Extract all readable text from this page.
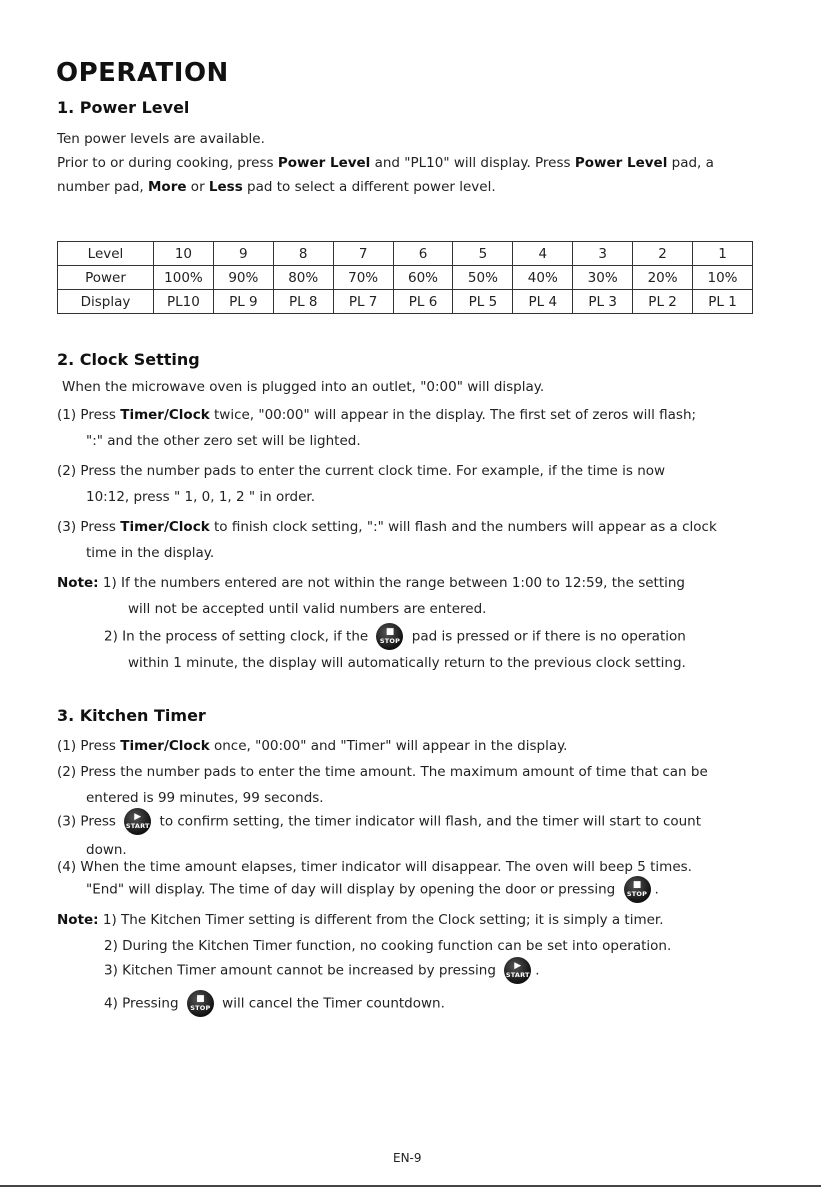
OPERATION
1. Power Level
Ten power levels are available.
Prior to or during cooking, press Power Level and "PL10" will display. Press Power Level pad, a
number pad, More or Less pad to select a different power level.
Level	10	9	8	7	6	5	4	3	2	1
Power	100%	90%	80%	70%	60%	50%	40%	30%	20%	10%
Display	PL10	PL 9	PL 8	PL 7	PL 6	PL 5	PL 4	PL 3	PL 2	PL 1
2. Clock Setting
When the microwave oven is plugged into an outlet, "0:00" will display.
(1) Press Timer/Clock twice, "00:00" will appear in the display. The first set of zeros will flash;
":" and the other zero set will be lighted.
(2) Press the number pads to enter the current clock time. For example, if the time is now
10:12, press " 1, 0, 1, 2 " in order.
(3) Press Timer/Clock to finish clock setting, ":" will flash and the numbers will appear as a clock
time in the display.
Note: 1) If the numbers entered are not within the range between 1:00 to 12:59, the setting
will not be accepted until valid numbers are entered.
2) In the process of setting clock, if the	■
STOP pad is pressed or if there is no operation
within 1 minute, the display will automatically return to the previous clock setting.
3. Kitchen Timer
(1) Press Timer/Clock once, "00:00" and "Timer" will appear in the display.
(2) Press the number pads to enter the time amount. The maximum amount of time that can be
entered is 99 minutes, 99 seconds.
(3) Press	▶
START to confirm setting, the timer indicator will flash, and the timer will start to count
down.
(4) When the time amount elapses, timer indicator will disappear. The oven will beep 5 times.
"End" will display. The time of day will display by opening the door or pressing	■
STOP .
Note: 1) The Kitchen Timer setting is different from the Clock setting; it is simply a timer.
2) During the Kitchen Timer function, no cooking function can be set into operation.
3) Kitchen Timer amount cannot be increased by pressing	▶
START .
4) Pressing	■
STOP will cancel the Timer countdown.
EN-9
